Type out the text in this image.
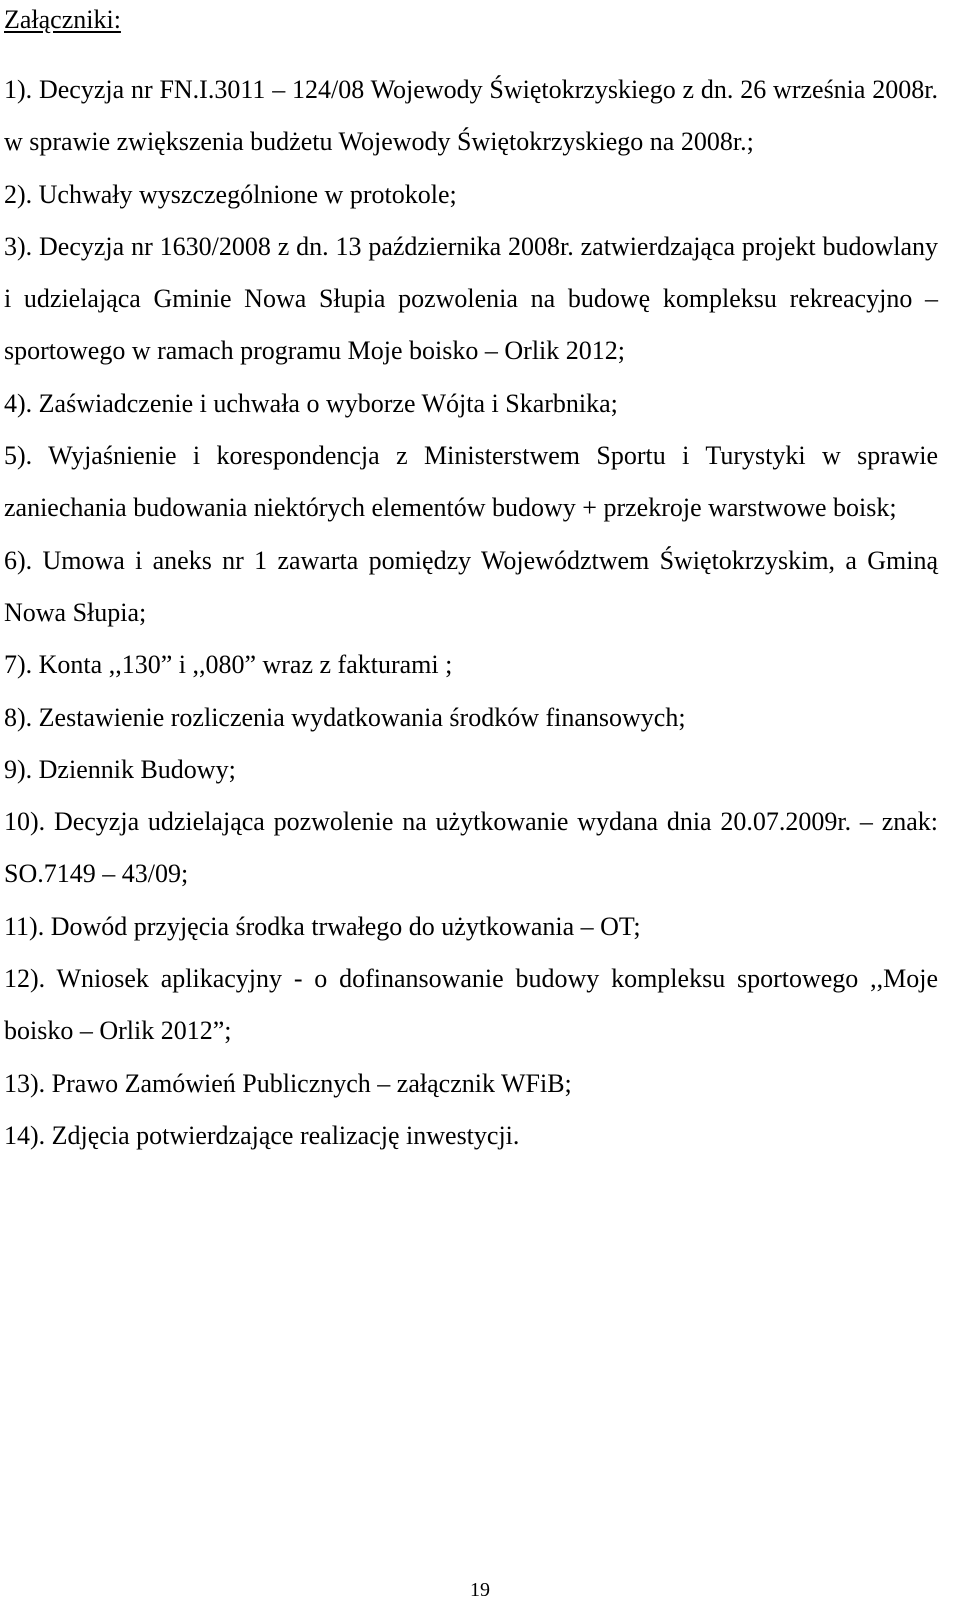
Załączniki:
1). Decyzja nr FN.I.3011 – 124/08 Wojewody Świętokrzyskiego z dn. 26 września 2008r. w sprawie zwiększenia budżetu Wojewody Świętokrzyskiego na 2008r.;
2). Uchwały wyszczególnione w protokole;
3). Decyzja nr 1630/2008 z dn. 13 października 2008r. zatwierdzająca projekt budowlany i udzielająca Gminie Nowa Słupia pozwolenia na budowę kompleksu rekreacyjno – sportowego w ramach programu Moje boisko – Orlik 2012;
4). Zaświadczenie i uchwała o wyborze Wójta i Skarbnika;
5). Wyjaśnienie i korespondencja z Ministerstwem Sportu i Turystyki w sprawie zaniechania budowania niektórych elementów budowy + przekroje warstwowe boisk;
6). Umowa i aneks nr 1 zawarta pomiędzy Województwem Świętokrzyskim, a Gminą Nowa Słupia;
7). Konta ,,130” i ,,080” wraz z fakturami ;
8). Zestawienie rozliczenia wydatkowania środków finansowych;
9). Dziennik Budowy;
10). Decyzja udzielająca pozwolenie na użytkowanie wydana dnia 20.07.2009r. – znak: SO.7149 – 43/09;
11). Dowód przyjęcia środka trwałego do użytkowania – OT;
12). Wniosek aplikacyjny - o dofinansowanie budowy kompleksu sportowego ,,Moje boisko – Orlik 2012”;
13). Prawo Zamówień Publicznych – załącznik WFiB;
14). Zdjęcia potwierdzające realizację inwestycji.
19
